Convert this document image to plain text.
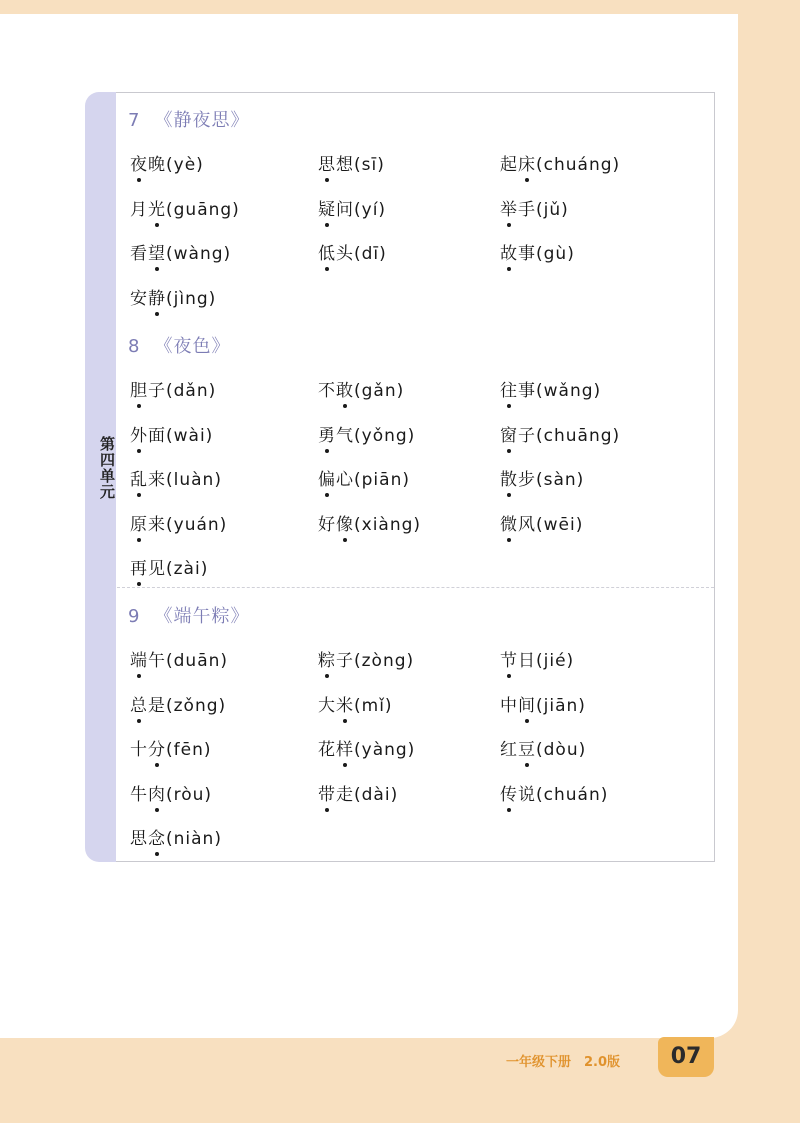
第四单元
7 《静夜思》
夜晚(yè)	思想(sī)	起床(chuáng)
月光(guāng)	疑问(yí)	举手(jǔ)
看望(wàng)	低头(dī)	故事(gù)
安静(jìng)
8 《夜色》
胆子(dǎn)	不敢(gǎn)	往事(wǎng)
外面(wài)	勇气(yǒng)	窗子(chuāng)
乱来(luàn)	偏心(piān)	散步(sàn)
原来(yuán)	好像(xiàng)	微风(wēi)
再见(zài)
9 《端午粽》
端午(duān)	粽子(zòng)	节日(jié)
总是(zǒng)	大米(mǐ)	中间(jiān)
十分(fēn)	花样(yàng)	红豆(dòu)
牛肉(ròu)	带走(dài)	传说(chuán)
思念(niàn)
一年级下册　2.0版	07
